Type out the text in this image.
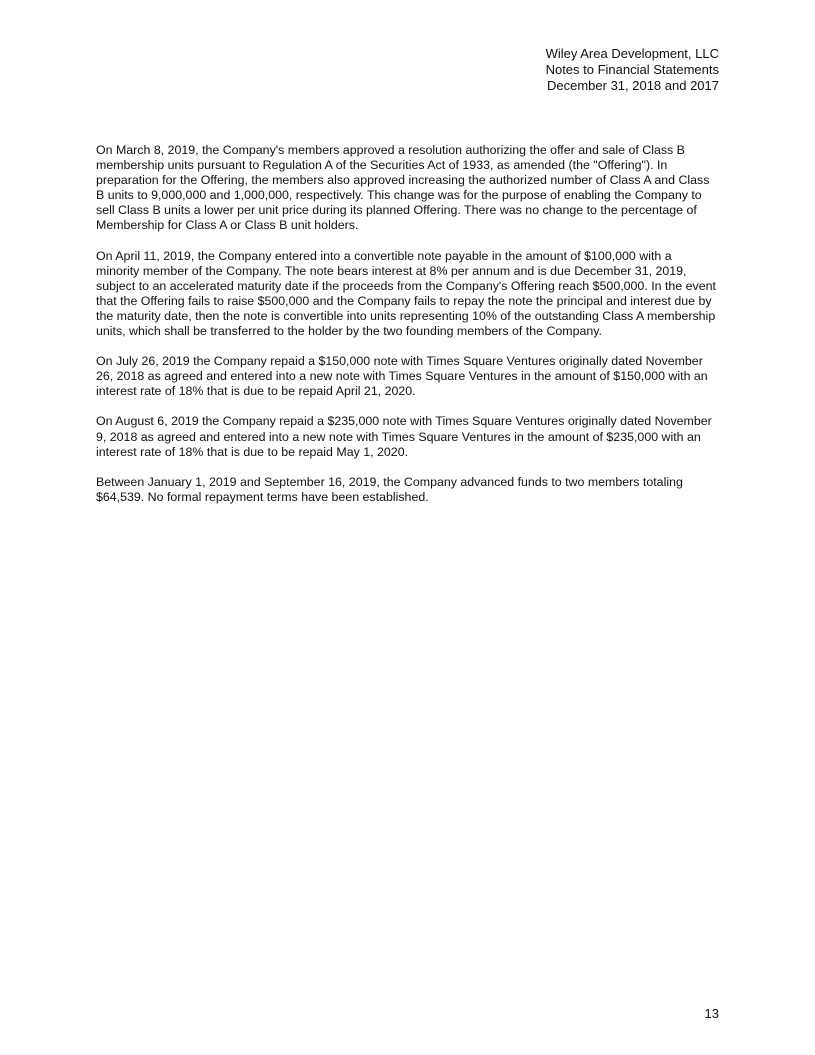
Wiley Area Development, LLC
Notes to Financial Statements
December 31, 2018 and 2017

On March 8, 2019, the Company's members approved a resolution authorizing the offer and sale of Class B membership units pursuant to Regulation A of the Securities Act of 1933, as amended (the "Offering"). In preparation for the Offering, the members also approved increasing the authorized number of Class A and Class B units to 9,000,000 and 1,000,000, respectively. This change was for the purpose of enabling the Company to sell Class B units a lower per unit price during its planned Offering. There was no change to the percentage of Membership for Class A or Class B unit holders.

On April 11, 2019, the Company entered into a convertible note payable in the amount of $100,000 with a minority member of the Company. The note bears interest at 8% per annum and is due December 31, 2019, subject to an accelerated maturity date if the proceeds from the Company's Offering reach $500,000. In the event that the Offering fails to raise $500,000 and the Company fails to repay the note the principal and interest due by the maturity date, then the note is convertible into units representing 10% of the outstanding Class A membership units, which shall be transferred to the holder by the two founding members of the Company.

On July 26, 2019 the Company repaid a $150,000 note with Times Square Ventures originally dated November 26, 2018 as agreed and entered into a new note with Times Square Ventures in the amount of $150,000 with an interest rate of 18% that is due to be repaid April 21, 2020.

On August 6, 2019 the Company repaid a $235,000 note with Times Square Ventures originally dated November 9, 2018 as agreed and entered into a new note with Times Square Ventures in the amount of $235,000 with an interest rate of 18% that is due to be repaid May 1, 2020.

Between January 1, 2019 and September 16, 2019, the Company advanced funds to two members totaling $64,539. No formal repayment terms have been established.

13
